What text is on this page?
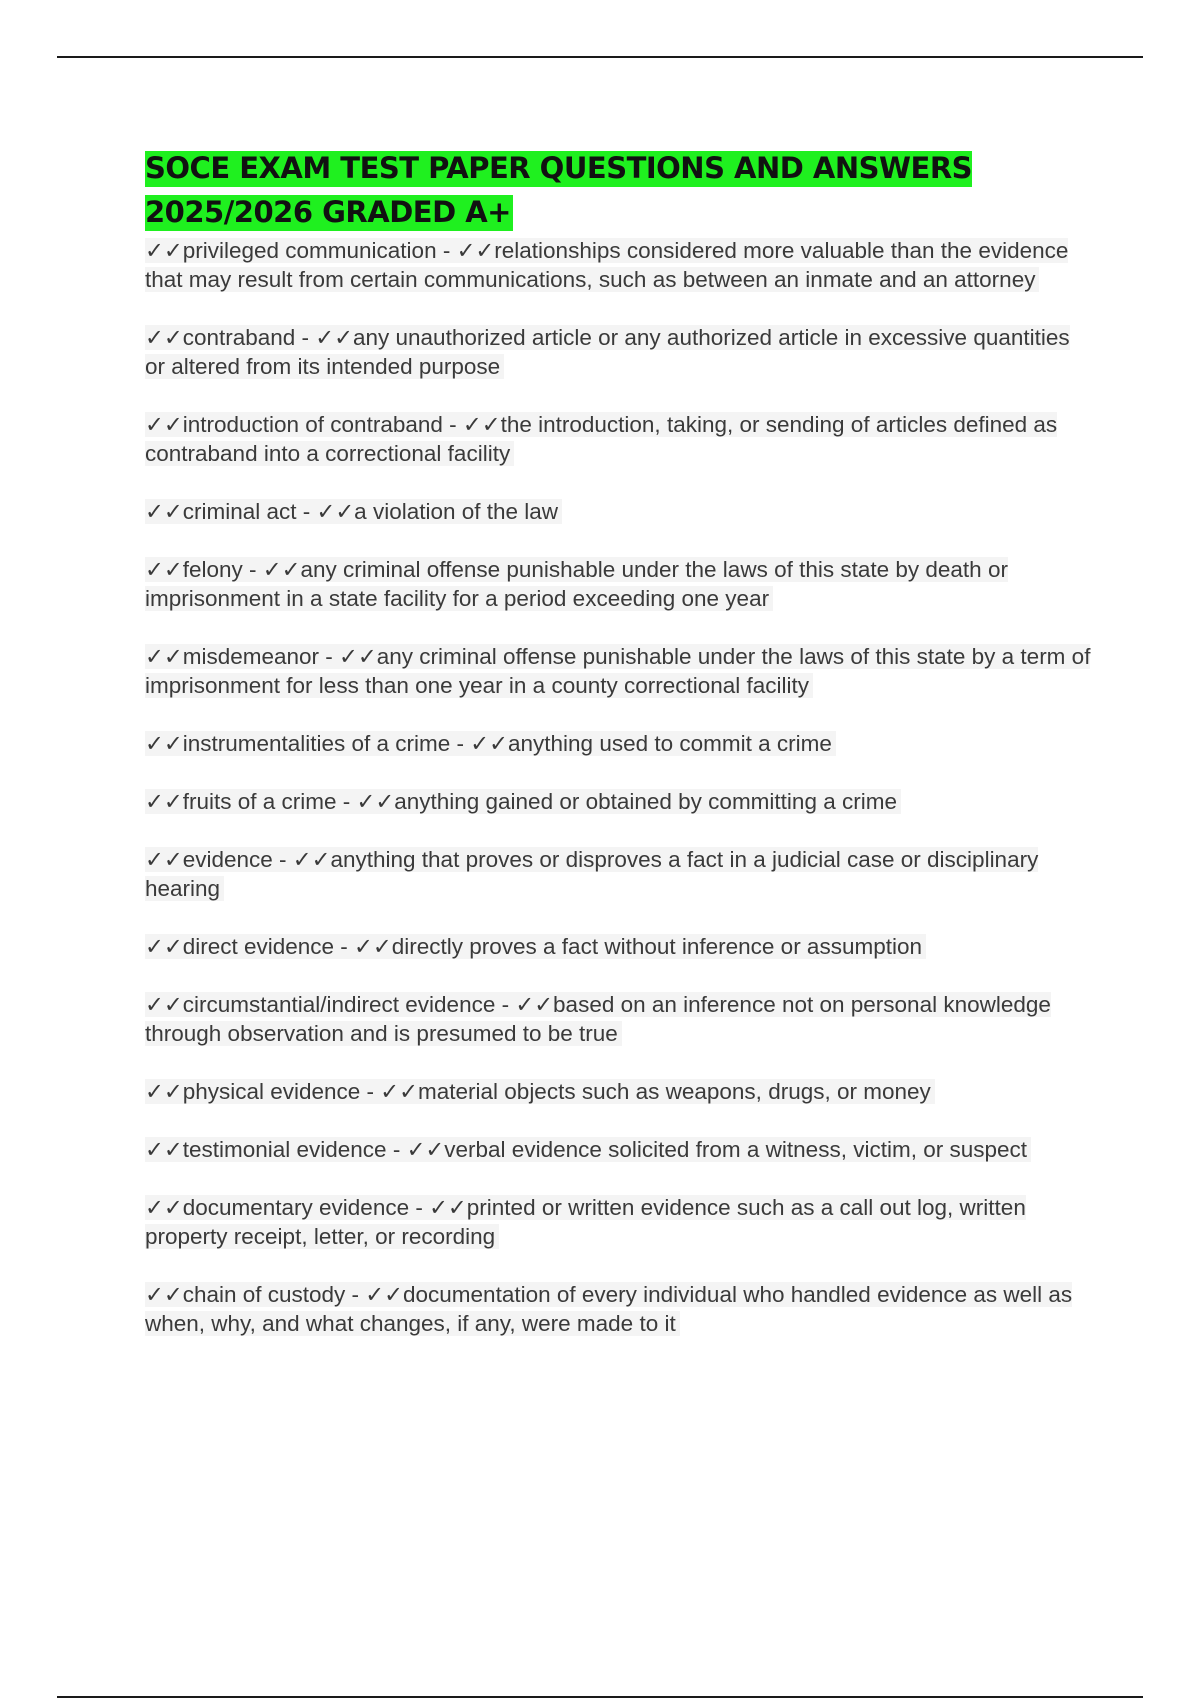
SOCE EXAM TEST PAPER QUESTIONS AND ANSWERS 2025/2026 GRADED A+
✓✓privileged communication - ✓✓relationships considered more valuable than the evidence that may result from certain communications, such as between an inmate and an attorney
✓✓contraband - ✓✓any unauthorized article or any authorized article in excessive quantities or altered from its intended purpose
✓✓introduction of contraband - ✓✓the introduction, taking, or sending of articles defined as contraband into a correctional facility
✓✓criminal act - ✓✓a violation of the law
✓✓felony - ✓✓any criminal offense punishable under the laws of this state by death or imprisonment in a state facility for a period exceeding one year
✓✓misdemeanor - ✓✓any criminal offense punishable under the laws of this state by a term of imprisonment for less than one year in a county correctional facility
✓✓instrumentalities of a crime - ✓✓anything used to commit a crime
✓✓fruits of a crime - ✓✓anything gained or obtained by committing a crime
✓✓evidence - ✓✓anything that proves or disproves a fact in a judicial case or disciplinary hearing
✓✓direct evidence - ✓✓directly proves a fact without inference or assumption
✓✓circumstantial/indirect evidence - ✓✓based on an inference not on personal knowledge through observation and is presumed to be true
✓✓physical evidence - ✓✓material objects such as weapons, drugs, or money
✓✓testimonial evidence - ✓✓verbal evidence solicited from a witness, victim, or suspect
✓✓documentary evidence - ✓✓printed or written evidence such as a call out log, written property receipt, letter, or recording
✓✓chain of custody - ✓✓documentation of every individual who handled evidence as well as when, why, and what changes, if any, were made to it
